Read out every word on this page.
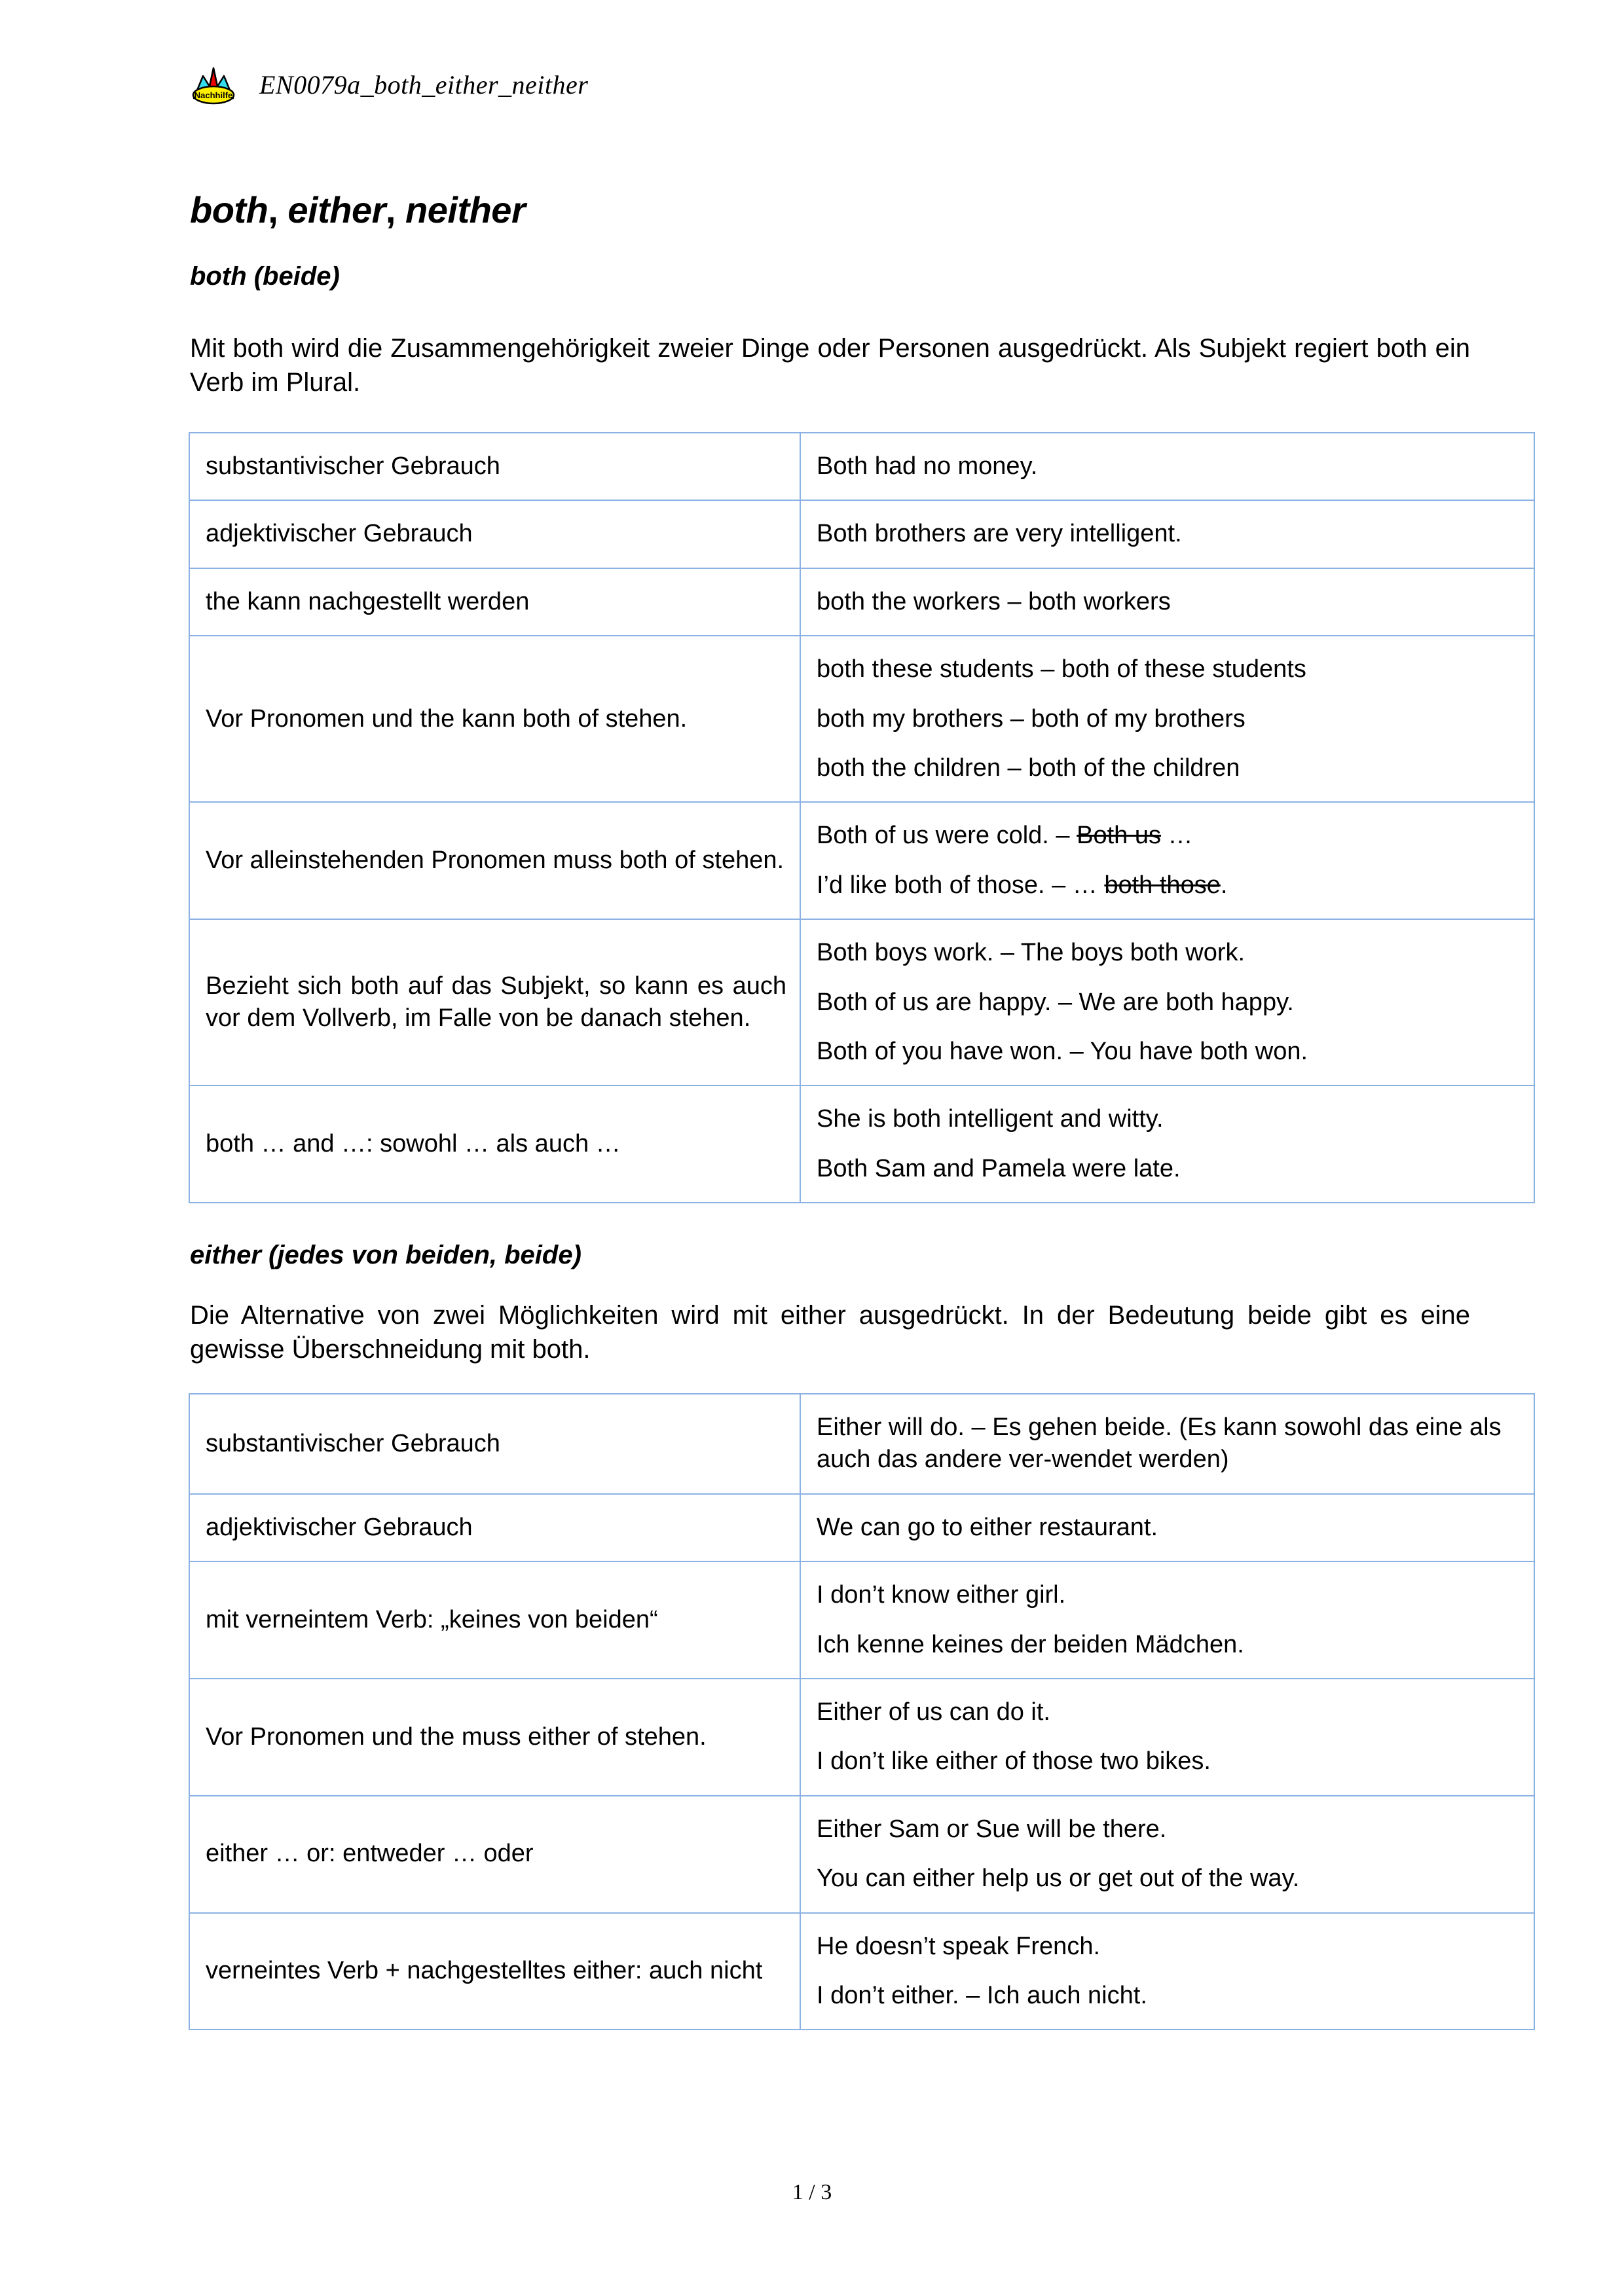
Nachhilfe EN0079a_both_either_neither
both, either, neither
both (beide)
Mit both wird die Zusammengehörigkeit zweier Dinge oder Personen ausgedrückt. Als Subjekt regiert both ein Verb im Plural.
substantivischer Gebrauch	Both had no money.

adjektivischer Gebrauch	Both brothers are very intelligent.

the kann nachgestellt werden	both the workers – both workers

Vor Pronomen und the kann both of stehen.	both these students – both of these students
both my brothers – both of my brothers
both the children – both of the children

Vor alleinstehenden Pronomen muss both of stehen.	Both of us were cold. – Both us …
I’d like both of those. – … both those.

Bezieht sich both auf das Subjekt, so kann es auch vor dem Vollverb, im Falle von be danach stehen.	Both boys work. – The boys both work.
Both of us are happy. – We are both happy.
Both of you have won. – You have both won.

both … and …: sowohl … als auch …	She is both intelligent and witty.
Both Sam and Pamela were late.
either (jedes von beiden, beide)
Die Alternative von zwei Möglichkeiten wird mit either ausgedrückt. In der Bedeutung beide gibt es eine gewisse Überschneidung mit both.
substantivischer Gebrauch	Either will do. – Es gehen beide. (Es kann sowohl das eine als auch das andere ver-wendet werden)

adjektivischer Gebrauch	We can go to either restaurant.

mit verneintem Verb: „keines von beiden“	I don’t know either girl.
Ich kenne keines der beiden Mädchen.

Vor Pronomen und the muss either of stehen.	Either of us can do it.
I don’t like either of those two bikes.

either … or: entweder … oder	Either Sam or Sue will be there.
You can either help us or get out of the way.

verneintes Verb + nachgestelltes either: auch nicht	He doesn’t speak French.
I don’t either. – Ich auch nicht.
1 / 3
